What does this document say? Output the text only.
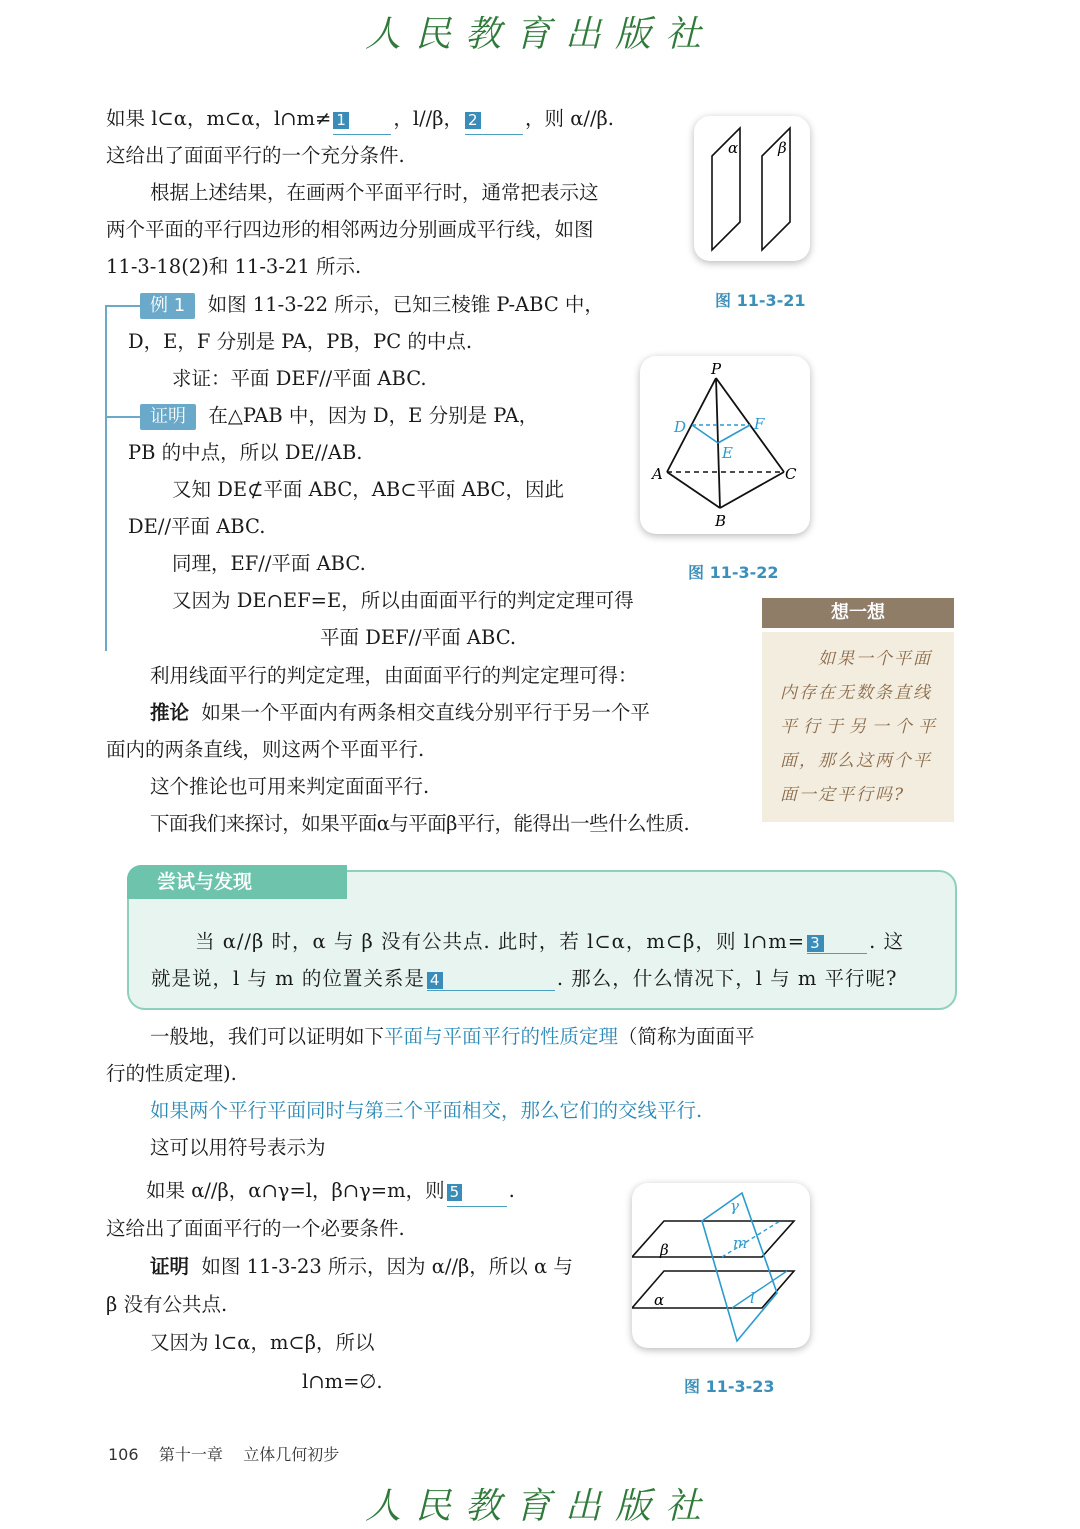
人民教育出版社
人民教育出版社
如果 l⊂α，m⊂α，l∩m≠ 1 ，l//β， 2 ，则 α//β.
这给出了面面平行的一个充分条件.
根据上述结果，在画两个平面平行时，通常把表示这
两个平面的平行四边形的相邻两边分别画成平行线，如图
11-3-18(2)和 11-3-21 所示.
例 1 如图 11-3-22 所示，已知三棱锥 P-ABC 中，
D，E，F 分别是 PA，PB，PC 的中点.
求证：平面 DEF//平面 ABC.
证明 在△PAB 中，因为 D，E 分别是 PA，
PB 的中点，所以 DE//AB.
又知 DE⊄平面 ABC，AB⊂平面 ABC，因此
DE//平面 ABC.
同理，EF//平面 ABC.
又因为 DE∩EF=E，所以由面面平行的判定定理可得
平面 DEF//平面 ABC.
利用线面平行的判定定理，由面面平行的判定定理可得：
推论 如果一个平面内有两条相交直线分别平行于另一个平
面内的两条直线，则这两个平面平行.
这个推论也可用来判定面面平行.
下面我们来探讨，如果平面α与平面β平行，能得出一些什么性质.
想一想
如果一个平面
内存在无数条直线
平行于另一个平
面，那么这两个平
面一定平行吗?
当 α//β 时，α 与 β 没有公共点. 此时，若 l⊂α，m⊂β，则 l∩m= 3 . 这
就是说，l 与 m 的位置关系是 4	. 那么，什么情况下，l 与 m 平行呢?
尝试与发现
一般地，我们可以证明如下平面与平面平行的性质定理（简称为面面平
行的性质定理).
如果两个平行平面同时与第三个平面相交，那么它们的交线平行.
这可以用符号表示为
如果 α//β，α∩γ=l，β∩γ=m，则 5	.
这给出了面面平行的一个必要条件.
证明 如图 11-3-23 所示，因为 α//β，所以 α 与
β 没有公共点.
又因为 l⊂α，m⊂β，所以
l∩m=∅.
α	β
图 11-3-21
P
A
B
C
D
E
F
图 11-3-22
β
α
γ
m
l
图 11-3-23
106 第十一章 立体几何初步
